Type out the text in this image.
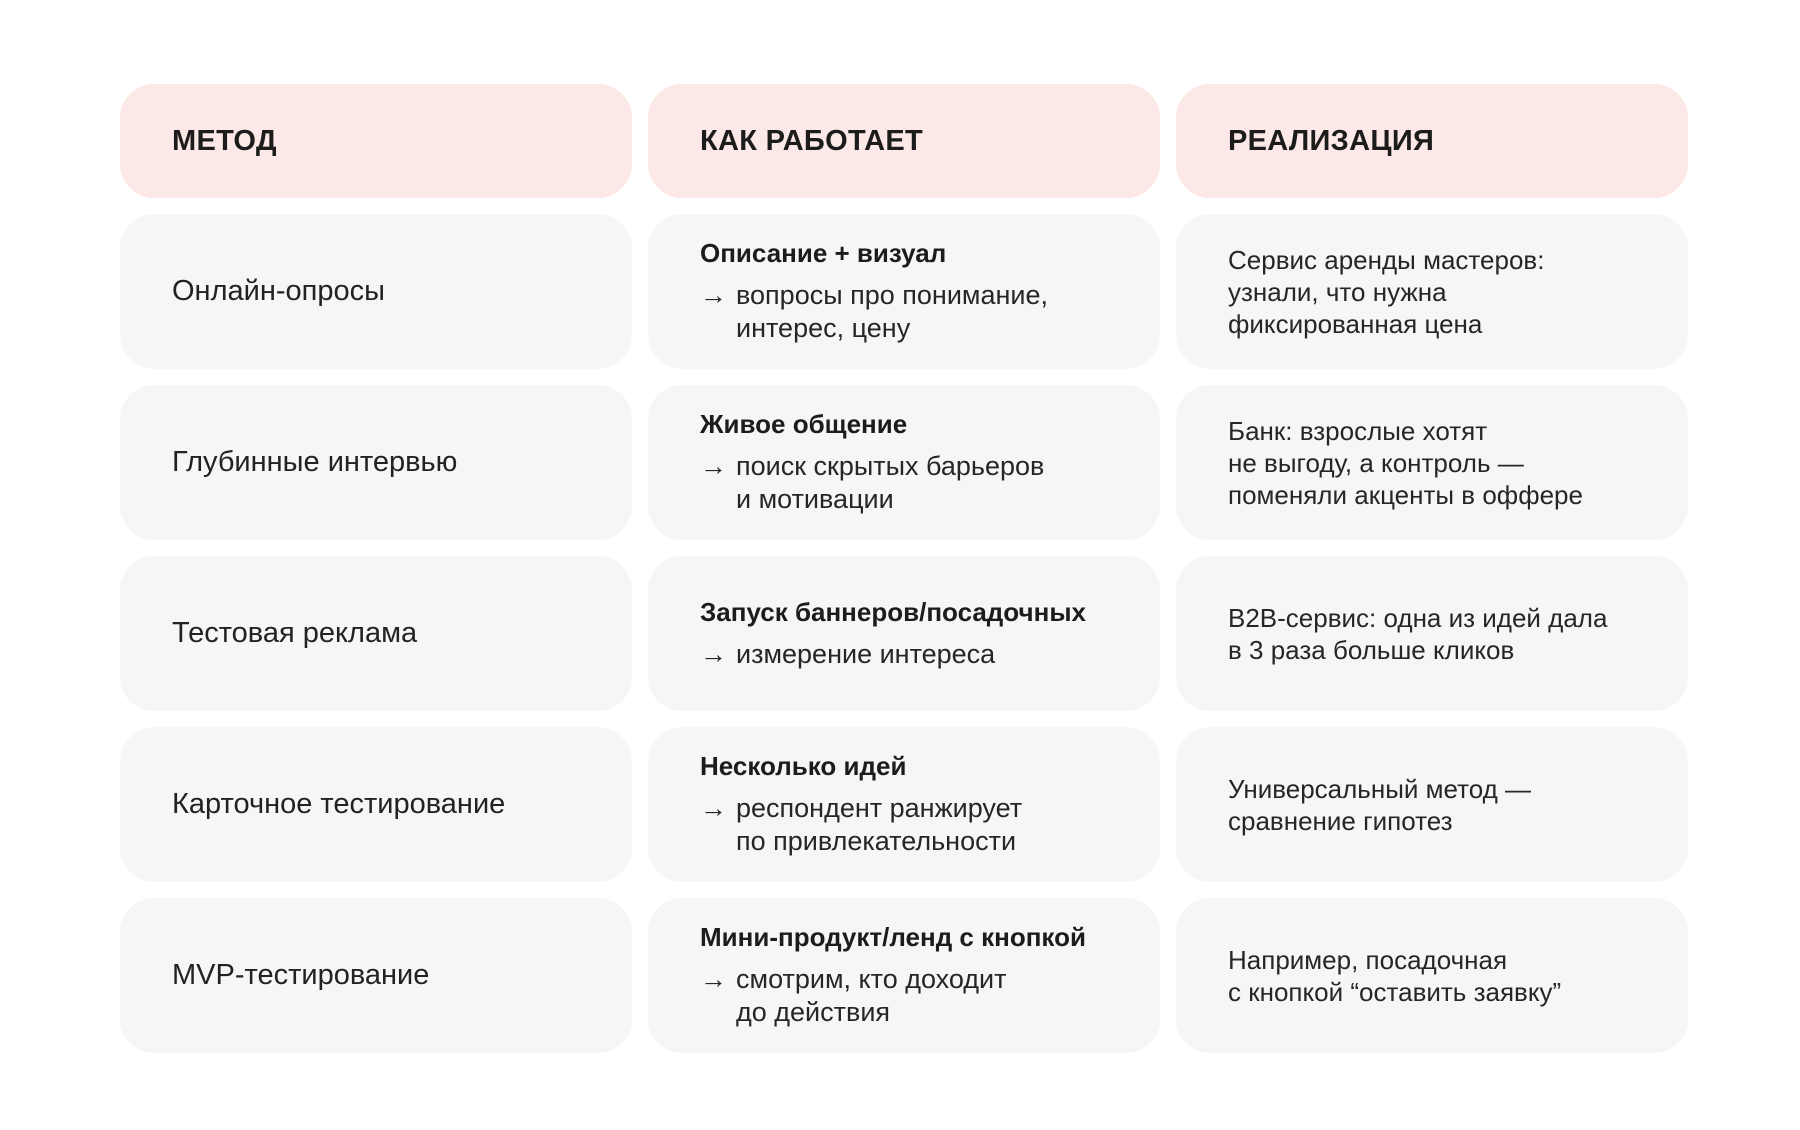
МЕТОД	КАК РАБОТАЕТ	РЕАЛИЗАЦИЯ
Онлайн-опросы
Описание + визуал
→ вопросы про понимание,
интерес, цену
Сервис аренды мастеров:
узнали, что нужна
фиксированная цена
Глубинные интервью
Живое общение
→ поиск скрытых барьеров
и мотивации
Банк: взрослые хотят
не выгоду, а контроль —
поменяли акценты в оффере
Тестовая реклама
Запуск баннеров/посадочных
→ измерение интереса
B2B-сервис: одна из идей дала
в 3 раза больше кликов
Карточное тестирование
Несколько идей
→ респондент ранжирует
по привлекательности
Универсальный метод —
сравнение гипотез
MVP-тестирование
Мини-продукт/ленд с кнопкой
→ смотрим, кто доходит
до действия
Например, посадочная
с кнопкой “оставить заявку”
